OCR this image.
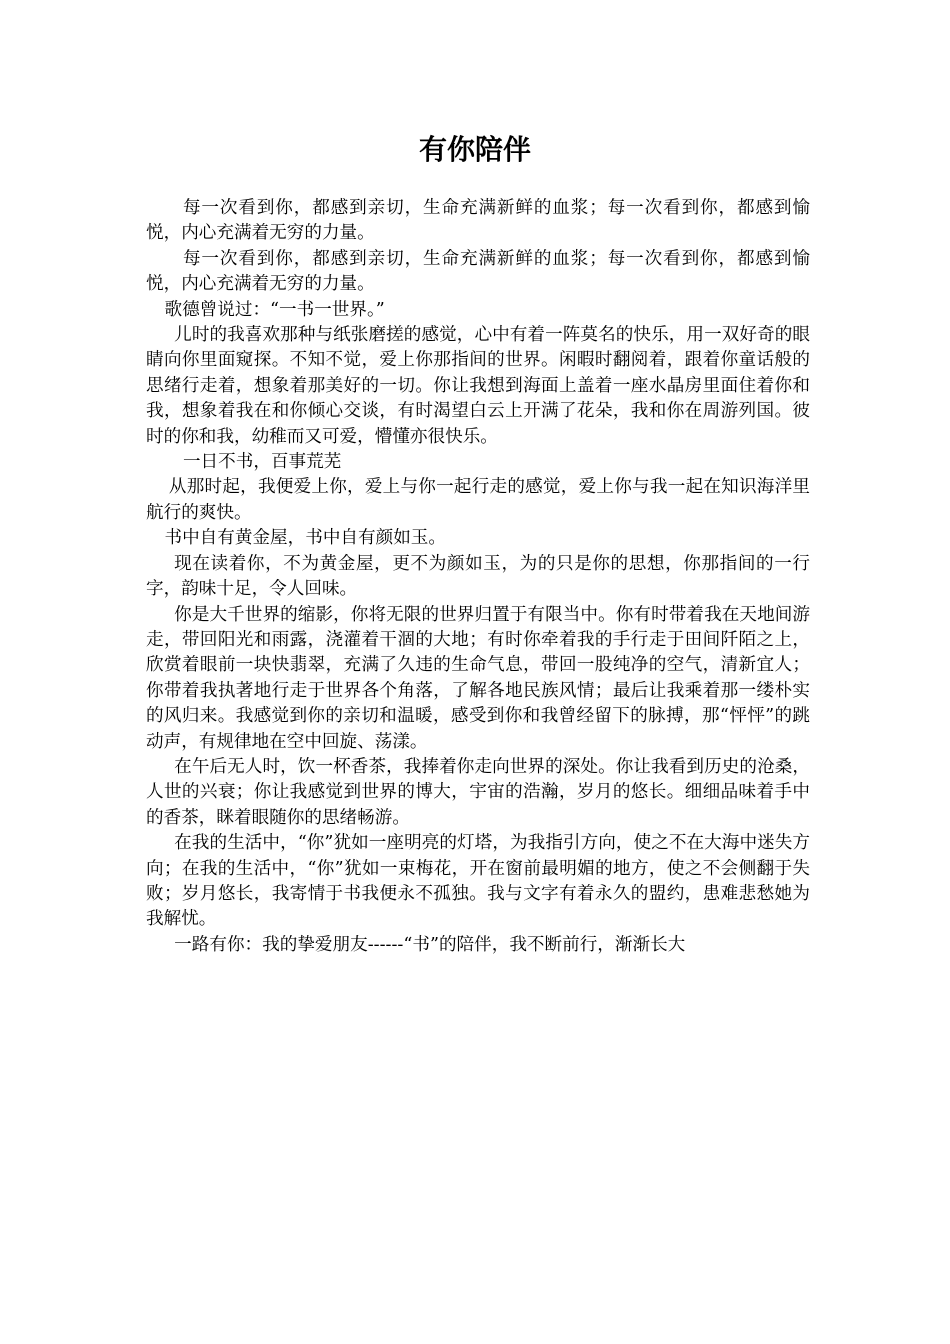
有你陪伴

每一次看到你，都感到亲切，生命充满新鲜的血浆；每一次看到你，都感到愉悦，内心充满着无穷的力量。

每一次看到你，都感到亲切，生命充满新鲜的血浆；每一次看到你，都感到愉悦，内心充满着无穷的力量。

歌德曾说过：“一书一世界。”

儿时的我喜欢那种与纸张磨搓的感觉，心中有着一阵莫名的快乐，用一双好奇的眼睛向你里面窥探。不知不觉，爱上你那指间的世界。闲暇时翻阅着，跟着你童话般的思绪行走着，想象着那美好的一切。你让我想到海面上盖着一座水晶房里面住着你和我，想象着我在和你倾心交谈，有时渴望白云上开满了花朵，我和你在周游列国。彼时的你和我，幼稚而又可爱，懵懂亦很快乐。

一日不书，百事荒芜

从那时起，我便爱上你，爱上与你一起行走的感觉，爱上你与我一起在知识海洋里航行的爽快。

书中自有黄金屋，书中自有颜如玉。

现在读着你，不为黄金屋，更不为颜如玉，为的只是你的思想，你那指间的一行字，韵味十足，令人回味。

你是大千世界的缩影，你将无限的世界归置于有限当中。你有时带着我在天地间游走，带回阳光和雨露，浇灌着干涸的大地；有时你牵着我的手行走于田间阡陌之上，欣赏着眼前一块快翡翠，充满了久违的生命气息，带回一股纯净的空气，清新宜人；你带着我执著地行走于世界各个角落，了解各地民族风情；最后让我乘着那一缕朴实的风归来。我感觉到你的亲切和温暖，感受到你和我曾经留下的脉搏，那“怦怦”的跳动声，有规律地在空中回旋、荡漾。

在午后无人时，饮一杯香茶，我捧着你走向世界的深处。你让我看到历史的沧桑，人世的兴衰；你让我感觉到世界的博大，宇宙的浩瀚，岁月的悠长。细细品味着手中的香茶，眯着眼随你的思绪畅游。

在我的生活中，“你”犹如一座明亮的灯塔，为我指引方向，使之不在大海中迷失方向；在我的生活中，“你”犹如一束梅花，开在窗前最明媚的地方，使之不会侧翻于失败；岁月悠长，我寄情于书我便永不孤独。我与文字有着永久的盟约，患难悲愁她为我解忧。

一路有你：我的挚爱朋友------“书”的陪伴，我不断前行，渐渐长大
